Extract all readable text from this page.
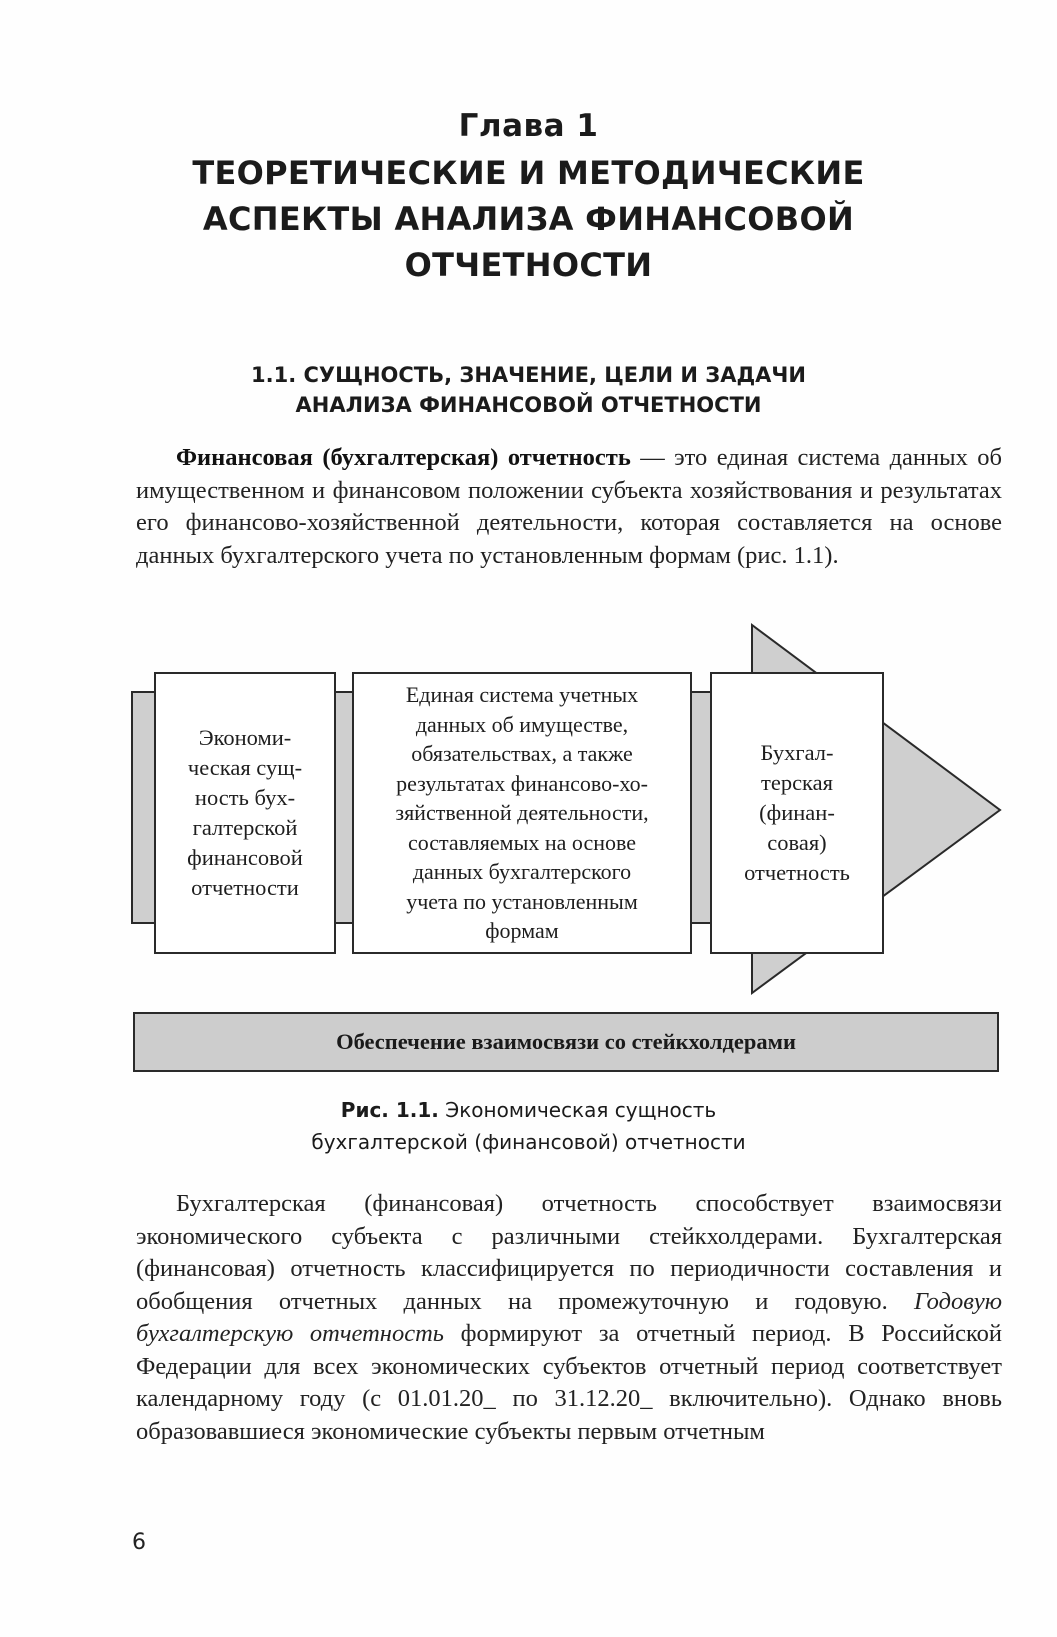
Глава 1
ТЕОРЕТИЧЕСКИЕ И МЕТОДИЧЕСКИЕ АСПЕКТЫ АНАЛИЗА ФИНАНСОВОЙ ОТЧЕТНОСТИ
1.1. СУЩНОСТЬ, ЗНАЧЕНИЕ, ЦЕЛИ И ЗАДАЧИ АНАЛИЗА ФИНАНСОВОЙ ОТЧЕТНОСТИ
Финансовая (бухгалтерская) отчетность — это единая система данных об имущественном и финансовом положении субъекта хозяйствования и результатах его финансово-хозяйственной деятельности, которая составляется на основе данных бухгалтерского учета по установленным формам (рис. 1.1).
Экономи-
ческая сущ-
ность бух-
галтерской
финансовой
отчетности
Единая система учетных
данных об имуществе,
обязательствах, а также
результатах финансово-хо-
зяйственной деятельности,
составляемых на основе
данных бухгалтерского
учета по установленным
формам
Бухгал-
терская
(финан-
совая)
отчетность
Обеспечение взаимосвязи со стейкхолдерами
Рис. 1.1. Экономическая сущность бухгалтерской (финансовой) отчетности
Бухгалтерская (финансовая) отчетность способствует взаимосвязи экономического субъекта с различными стейкхолдерами. Бухгалтерская (финансовая) отчетность классифицируется по периодичности составления и обобщения отчетных данных на промежуточную и годовую. Годовую бухгалтерскую отчетность формируют за отчетный период. В Российской Федерации для всех экономических субъектов отчетный период соответствует календарному году (с 01.01.20_ по 31.12.20_ включительно). Однако вновь образовавшиеся экономические субъекты первым отчетным
6
